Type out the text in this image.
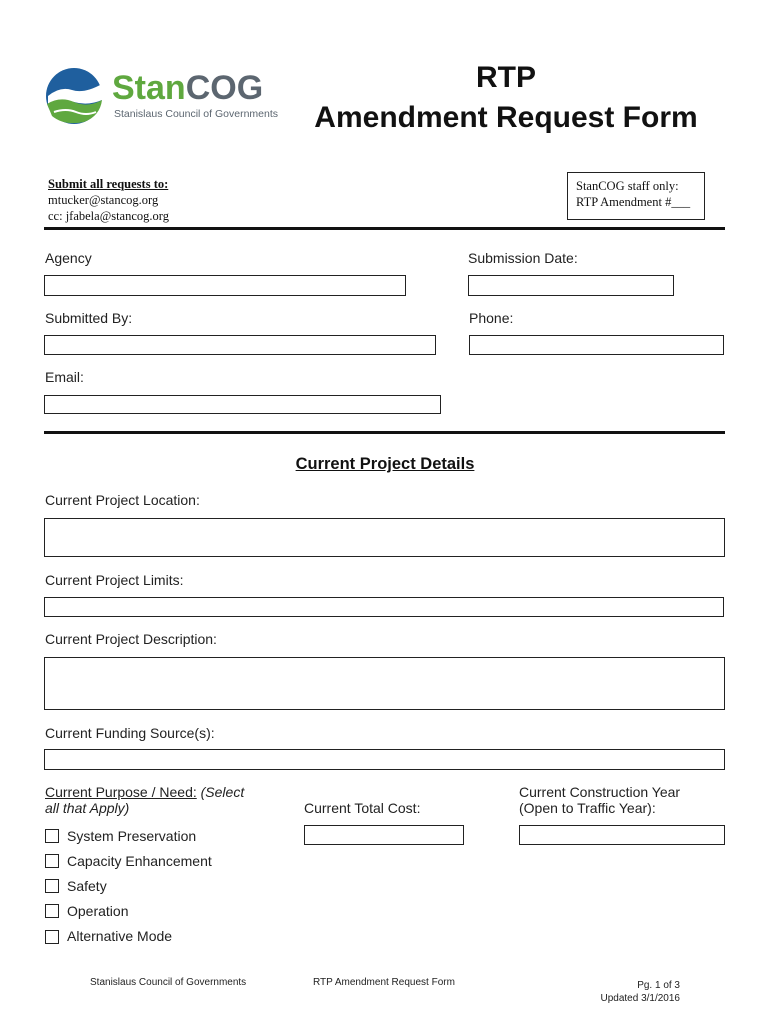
StanCOG
Stanislaus Council of Governments
RTP
Amendment Request Form
Submit all requests to:
mtucker@stancog.org
cc: jfabela@stancog.org
StanCOG staff only:
RTP Amendment #___
Agency	Submission Date:
Submitted By:	Phone:
Email:
Current Project Details
Current Project Location:
Current Project Limits:
Current Project Description:
Current Funding Source(s):
Current Purpose / Need: (Select
all that Apply)	Current Total Cost:
Current Construction Year
(Open to Traffic Year):
System Preservation
Capacity Enhancement
Safety
Operation
Alternative Mode
Stanislaus Council of Governments	RTP Amendment Request Form	Pg. 1 of 3
Updated 3/1/2016
